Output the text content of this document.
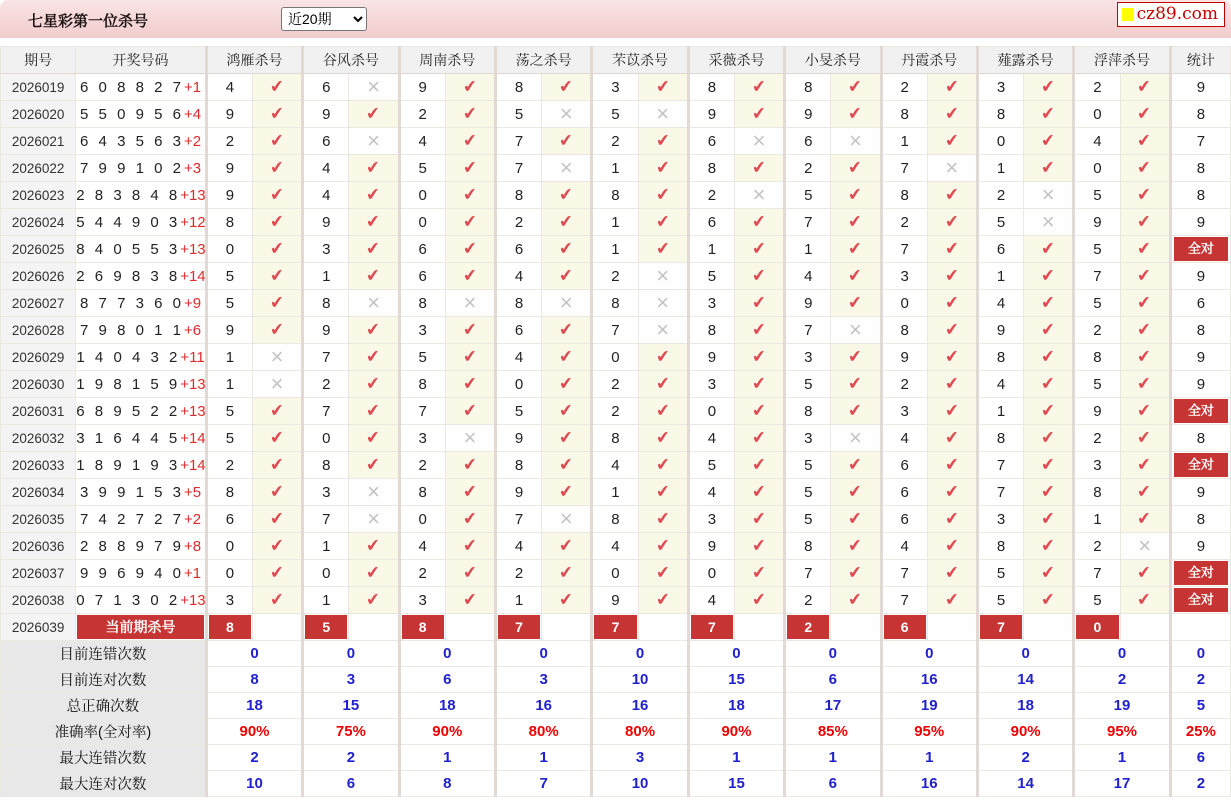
七星彩第一位杀号
近20期	cz89.com
期号	开奖号码	鸿雁杀号		谷风杀号		周南杀号		荡之杀号		芣苡杀号		采薇杀号		小旻杀号		丹霞杀号		薤露杀号		浮萍杀号		统计
2026019	6 0 8 8 2 7+1	4	✔	6	×	9	✔	8	✔	3	✔	8	✔	8	✔	2	✔	3	✔	2	✔	9
2026020	5 5 0 9 5 6+4	9	✔	9	✔	2	✔	5	×	5	×	9	✔	9	✔	8	✔	8	✔	0	✔	8
2026021	6 4 3 5 6 3+2	2	✔	6	×	4	✔	7	✔	2	✔	6	×	6	×	1	✔	0	✔	4	✔	7
2026022	7 9 9 1 0 2+3	9	✔	4	✔	5	✔	7	×	1	✔	8	✔	2	✔	7	×	1	✔	0	✔	8
2026023	2 8 3 8 4 8+13	9	✔	4	✔	0	✔	8	✔	8	✔	2	×	5	✔	8	✔	2	×	5	✔	8
2026024	5 4 4 9 0 3+12	8	✔	9	✔	0	✔	2	✔	1	✔	6	✔	7	✔	2	✔	5	×	9	✔	9
2026025	8 4 0 5 5 3+13	0	✔	3	✔	6	✔	6	✔	1	✔	1	✔	1	✔	7	✔	6	✔	5	✔	全对

2026026	2 6 9 8 3 8+14	5	✔	1	✔	6	✔	4	✔	2	×	5	✔	4	✔	3	✔	1	✔	7	✔	9
2026027	8 7 7 3 6 0+9	5	✔	8	×	8	×	8	×	8	×	3	✔	9	✔	0	✔	4	✔	5	✔	6
2026028	7 9 8 0 1 1+6	9	✔	9	✔	3	✔	6	✔	7	×	8	✔	7	×	8	✔	9	✔	2	✔	8
2026029	1 4 0 4 3 2+11	1	×	7	✔	5	✔	4	✔	0	✔	9	✔	3	✔	9	✔	8	✔	8	✔	9
2026030	1 9 8 1 5 9+13	1	×	2	✔	8	✔	0	✔	2	✔	3	✔	5	✔	2	✔	4	✔	5	✔	9
2026031	6 8 9 5 2 2+13	5	✔	7	✔	7	✔	5	✔	2	✔	0	✔	8	✔	3	✔	1	✔	9	✔	全对

2026032	3 1 6 4 4 5+14	5	✔	0	✔	3	×	9	✔	8	✔	4	✔	3	×	4	✔	8	✔	2	✔	8
2026033	1 8 9 1 9 3+14	2	✔	8	✔	2	✔	8	✔	4	✔	5	✔	5	✔	6	✔	7	✔	3	✔	全对

2026034	3 9 9 1 5 3+5	8	✔	3	×	8	✔	9	✔	1	✔	4	✔	5	✔	6	✔	7	✔	8	✔	9
2026035	7 4 2 7 2 7+2	6	✔	7	×	0	✔	7	×	8	✔	3	✔	5	✔	6	✔	3	✔	1	✔	8
2026036	2 8 8 9 7 9+8	0	✔	1	✔	4	✔	4	✔	4	✔	9	✔	8	✔	4	✔	8	✔	2	×	9
2026037	9 9 6 9 4 0+1	0	✔	0	✔	2	✔	2	✔	0	✔	0	✔	7	✔	7	✔	5	✔	7	✔	全对

2026038	0 7 1 3 0 2+13	3	✔	1	✔	3	✔	1	✔	9	✔	4	✔	2	✔	7	✔	5	✔	5	✔	全对

2026039	当前期杀号	8		5		8		7		7		7		2		6		7		0		

目前连错次数		0		0		0		0		0		0		0		0		0		0		0
目前连对次数		8		3		6		3		10		15		6		16		14		2		2
总正确次数		18		15		18		16		16		18		17		19		18		19		5
准确率(全对率)		90%		75%		90%		80%		80%		90%		85%		95%		90%		95%		25%
最大连错次数		2		2		1		1		3		1		1		1		2		1		6
最大连对次数		10		6		8		7		10		15		6		16		14		17		2
